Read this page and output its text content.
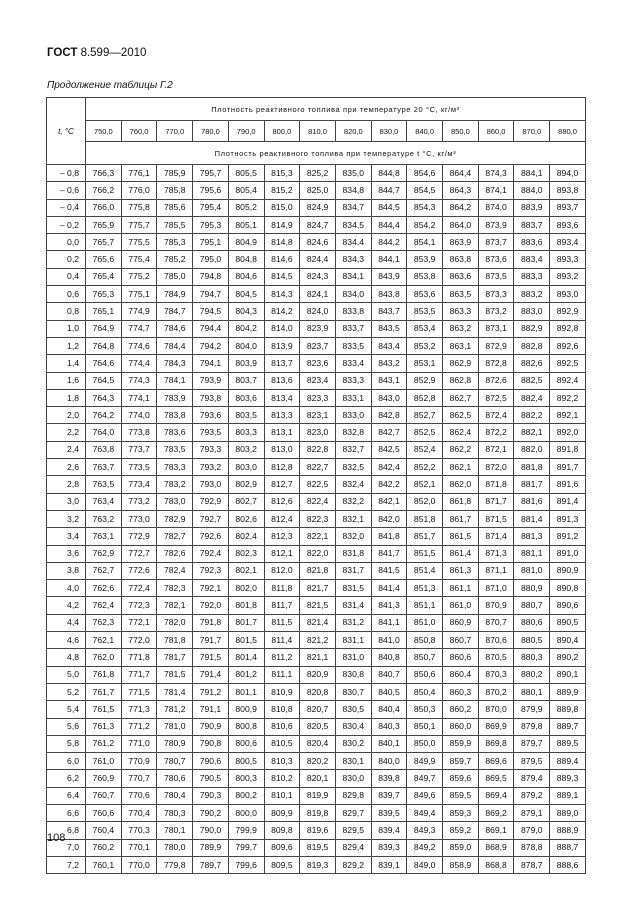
ГОСТ 8.599—2010
Продолжение таблицы Г.2
t, °C	Плотность реактивного топлива при температуре 20 °C, кг/м³													
	750,0	760,0	770,0	780,0	790,0	800,0	810,0	820,0	830,0	840,0	850,0	860,0	870,0	880,0
	Плотность реактивного топлива при температуре t °C, кг/м³													
– 0,8	766,3	776,1	785,9	795,7	805,5	815,3	825,2	835,0	844,8	854,6	864,4	874,3	884,1	894,0
– 0,6	766,2	776,0	785,8	795,6	805,4	815,2	825,0	834,8	844,7	854,5	864,3	874,1	884,0	893,8
– 0,4	766,0	775,8	785,6	795,4	805,2	815,0	824,9	834,7	844,5	854,3	864,2	874,0	883,9	893,7
– 0,2	765,9	775,7	785,5	795,3	805,1	814,9	824,7	834,5	844,4	854,2	864,0	873,9	883,7	893,6
0,0	765,7	775,5	785,3	795,1	804,9	814,8	824,6	834,4	844,2	854,1	863,9	873,7	883,6	893,4
0,2	765,6	775,4	785,2	795,0	804,8	814,6	824,4	834,3	844,1	853,9	863,8	873,6	883,4	893,3
0,4	765,4	775,2	785,0	794,8	804,6	814,5	824,3	834,1	843,9	853,8	863,6	873,5	883,3	893,2
0,6	765,3	775,1	784,9	794,7	804,5	814,3	824,1	834,0	843,8	853,6	863,5	873,3	883,2	893,0
0,8	765,1	774,9	784,7	794,5	804,3	814,2	824,0	833,8	843,7	853,5	863,3	873,2	883,0	892,9
1,0	764,9	774,7	784,6	794,4	804,2	814,0	823,9	833,7	843,5	853,4	863,2	873,1	882,9	892,8
1,2	764,8	774,6	784,4	794,2	804,0	813,9	823,7	833,5	843,4	853,2	863,1	872,9	882,8	892,6
1,4	764,6	774,4	784,3	794,1	803,9	813,7	823,6	833,4	843,2	853,1	862,9	872,8	882,6	892,5
1,6	764,5	774,3	784,1	793,9	803,7	813,6	823,4	833,3	843,1	852,9	862,8	872,6	882,5	892,4
1,8	764,3	774,1	783,9	793,8	803,6	813,4	823,3	833,1	843,0	852,8	862,7	872,5	882,4	892,2
2,0	764,2	774,0	783,8	793,6	803,5	813,3	823,1	833,0	842,8	852,7	862,5	872,4	882,2	892,1
2,2	764,0	773,8	783,6	793,5	803,3	813,1	823,0	832,8	842,7	852,5	862,4	872,2	882,1	892,0
2,4	763,8	773,7	783,5	793,3	803,2	813,0	822,8	832,7	842,5	852,4	862,2	872,1	882,0	891,8
2,6	763,7	773,5	783,3	793,2	803,0	812,8	822,7	832,5	842,4	852,2	862,1	872,0	881,8	891,7
2,8	763,5	773,4	783,2	793,0	802,9	812,7	822,5	832,4	842,2	852,1	862,0	871,8	881,7	891,6
3,0	763,4	773,2	783,0	792,9	802,7	812,6	822,4	832,2	842,1	852,0	861,8	871,7	881,6	891,4
3,2	763,2	773,0	782,9	792,7	802,6	812,4	822,3	832,1	842,0	851,8	861,7	871,5	881,4	891,3
3,4	763,1	772,9	782,7	792,6	802,4	812,3	822,1	832,0	841,8	851,7	861,5	871,4	881,3	891,2
3,6	762,9	772,7	782,6	792,4	802,3	812,1	822,0	831,8	841,7	851,5	861,4	871,3	881,1	891,0
3,8	762,7	772,6	782,4	792,3	802,1	812,0	821,8	831,7	841,5	851,4	861,3	871,1	881,0	890,9
4,0	762,6	772,4	782,3	792,1	802,0	811,8	821,7	831,5	841,4	851,3	861,1	871,0	880,9	890,8
4,2	762,4	772,3	782,1	792,0	801,8	811,7	821,5	831,4	841,3	851,1	861,0	870,9	880,7	890,6
4,4	762,3	772,1	782,0	791,8	801,7	811,5	821,4	831,2	841,1	851,0	860,9	870,7	880,6	890,5
4,6	762,1	772,0	781,8	791,7	801,5	811,4	821,2	831,1	841,0	850,8	860,7	870,6	880,5	890,4
4,8	762,0	771,8	781,7	791,5	801,4	811,2	821,1	831,0	840,8	850,7	860,6	870,5	880,3	890,2
5,0	761,8	771,7	781,5	791,4	801,2	811,1	820,9	830,8	840,7	850,6	860,4	870,3	880,2	890,1
5,2	761,7	771,5	781,4	791,2	801,1	810,9	820,8	830,7	840,5	850,4	860,3	870,2	880,1	889,9
5,4	761,5	771,3	781,2	791,1	800,9	810,8	820,7	830,5	840,4	850,3	860,2	870,0	879,9	889,8
5,6	761,3	771,2	781,0	790,9	800,8	810,6	820,5	830,4	840,3	850,1	860,0	869,9	879,8	889,7
5,8	761,2	771,0	780,9	790,8	800,6	810,5	820,4	830,2	840,1	850,0	859,9	869,8	879,7	889,5
6,0	761,0	770,9	780,7	790,6	800,5	810,3	820,2	830,1	840,0	849,9	859,7	869,6	879,5	889,4
6,2	760,9	770,7	780,6	790,5	800,3	810,2	820,1	830,0	839,8	849,7	859,6	869,5	879,4	889,3
6,4	760,7	770,6	780,4	790,3	800,2	810,1	819,9	829,8	839,7	849,6	859,5	869,4	879,2	889,1
6,6	760,6	770,4	780,3	790,2	800,0	809,9	819,8	829,7	839,5	849,4	859,3	869,2	879,1	889,0
6,8	760,4	770,3	780,1	790,0	799,9	809,8	819,6	829,5	839,4	849,3	859,2	869,1	879,0	888,9
7,0	760,2	770,1	780,0	789,9	799,7	809,6	819,5	829,4	839,3	849,2	859,0	868,9	878,8	888,7
7,2	760,1	770,0	779,8	789,7	799,6	809,5	819,3	829,2	839,1	849,0	858,9	868,8	878,7	888,6
108
